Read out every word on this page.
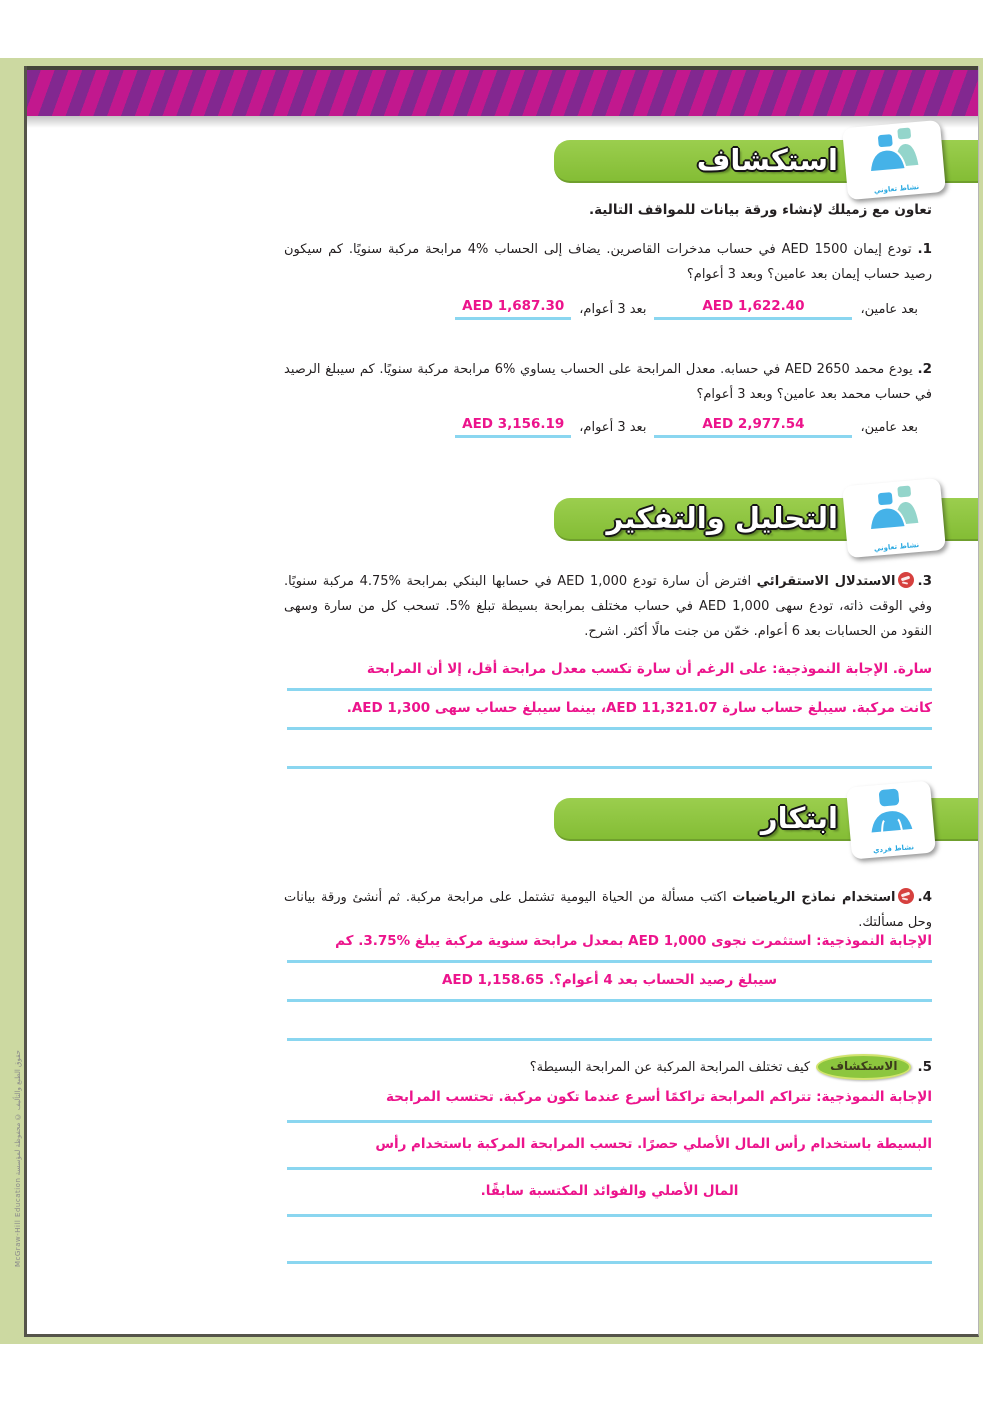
استكشاف
نشاط تعاوني

تعاون مع زميلك لإنشاء ورقة بيانات للمواقف التالية.

1. تودع إيمان AED 1500 في حساب مدخرات القاصرين. يضاف إلى الحساب %4 مرابحة مركبة سنويًا. كم سيكون رصيد حساب إيمان بعد عامين؟ وبعد 3 أعوام؟

بعد عامين،
AED 1,622.40
بعد 3 أعوام،
AED 1,687.30

2. يودع محمد AED 2650 في حسابه. معدل المرابحة على الحساب يساوي %6 مرابحة مركبة سنويًا. كم سيبلغ الرصيد في حساب محمد بعد عامين؟ وبعد 3 أعوام؟

بعد عامين،
AED 2,977.54
بعد 3 أعوام،
AED 3,156.19
التحليل والتفكير
نشاط تعاوني

3.الاستدلال الاستقرائي افترض أن سارة تودع AED 1,000 في حسابها البنكي بمرابحة %4.75 مركبة سنويًا. وفي الوقت ذاته، تودع سهى AED 1,000 في حساب مختلف بمرابحة بسيطة تبلغ %5. تسحب كل من سارة وسهى النقود من الحسابات بعد 6 أعوام. خمّن من جنت مالًا أكثر. اشرح.

سارة. الإجابة النموذجية: على الرغم أن سارة تكسب معدل مرابحة أقل، إلا أن المرابحة
كانت مركبة. سيبلغ حساب سارة AED 11,321.07، بينما سيبلغ حساب سهى AED 1,300.
ابتكار
نشاط فردي

4.استخدام نماذج الرياضيات اكتب مسألة من الحياة اليومية تشتمل على مرابحة مركبة. ثم أنشئ ورقة بيانات وحل مسألتك.

الإجابة النموذجية: استثمرت نجوى AED 1,000 بمعدل مرابحة سنوية مركبة يبلغ %3.75. كم
سيبلغ رصيد الحساب بعد 4 أعوام؟. AED 1,158.65
5.
الاستكشاف
كيف تختلف المرابحة المركبة عن المرابحة البسيطة؟
الإجابة النموذجية: تتراكم المرابحة تراكمًا أسرع عندما تكون مركبة. تحتسب المرابحة
البسيطة باستخدام رأس المال الأصلي حصرًا. تحسب المرابحة المركبة باستخدام رأس
المال الأصلي والفوائد المكتسبة سابقًا.
حقوق الطبع والتأليف © محفوظة لمؤسسة McGraw-Hill Education
